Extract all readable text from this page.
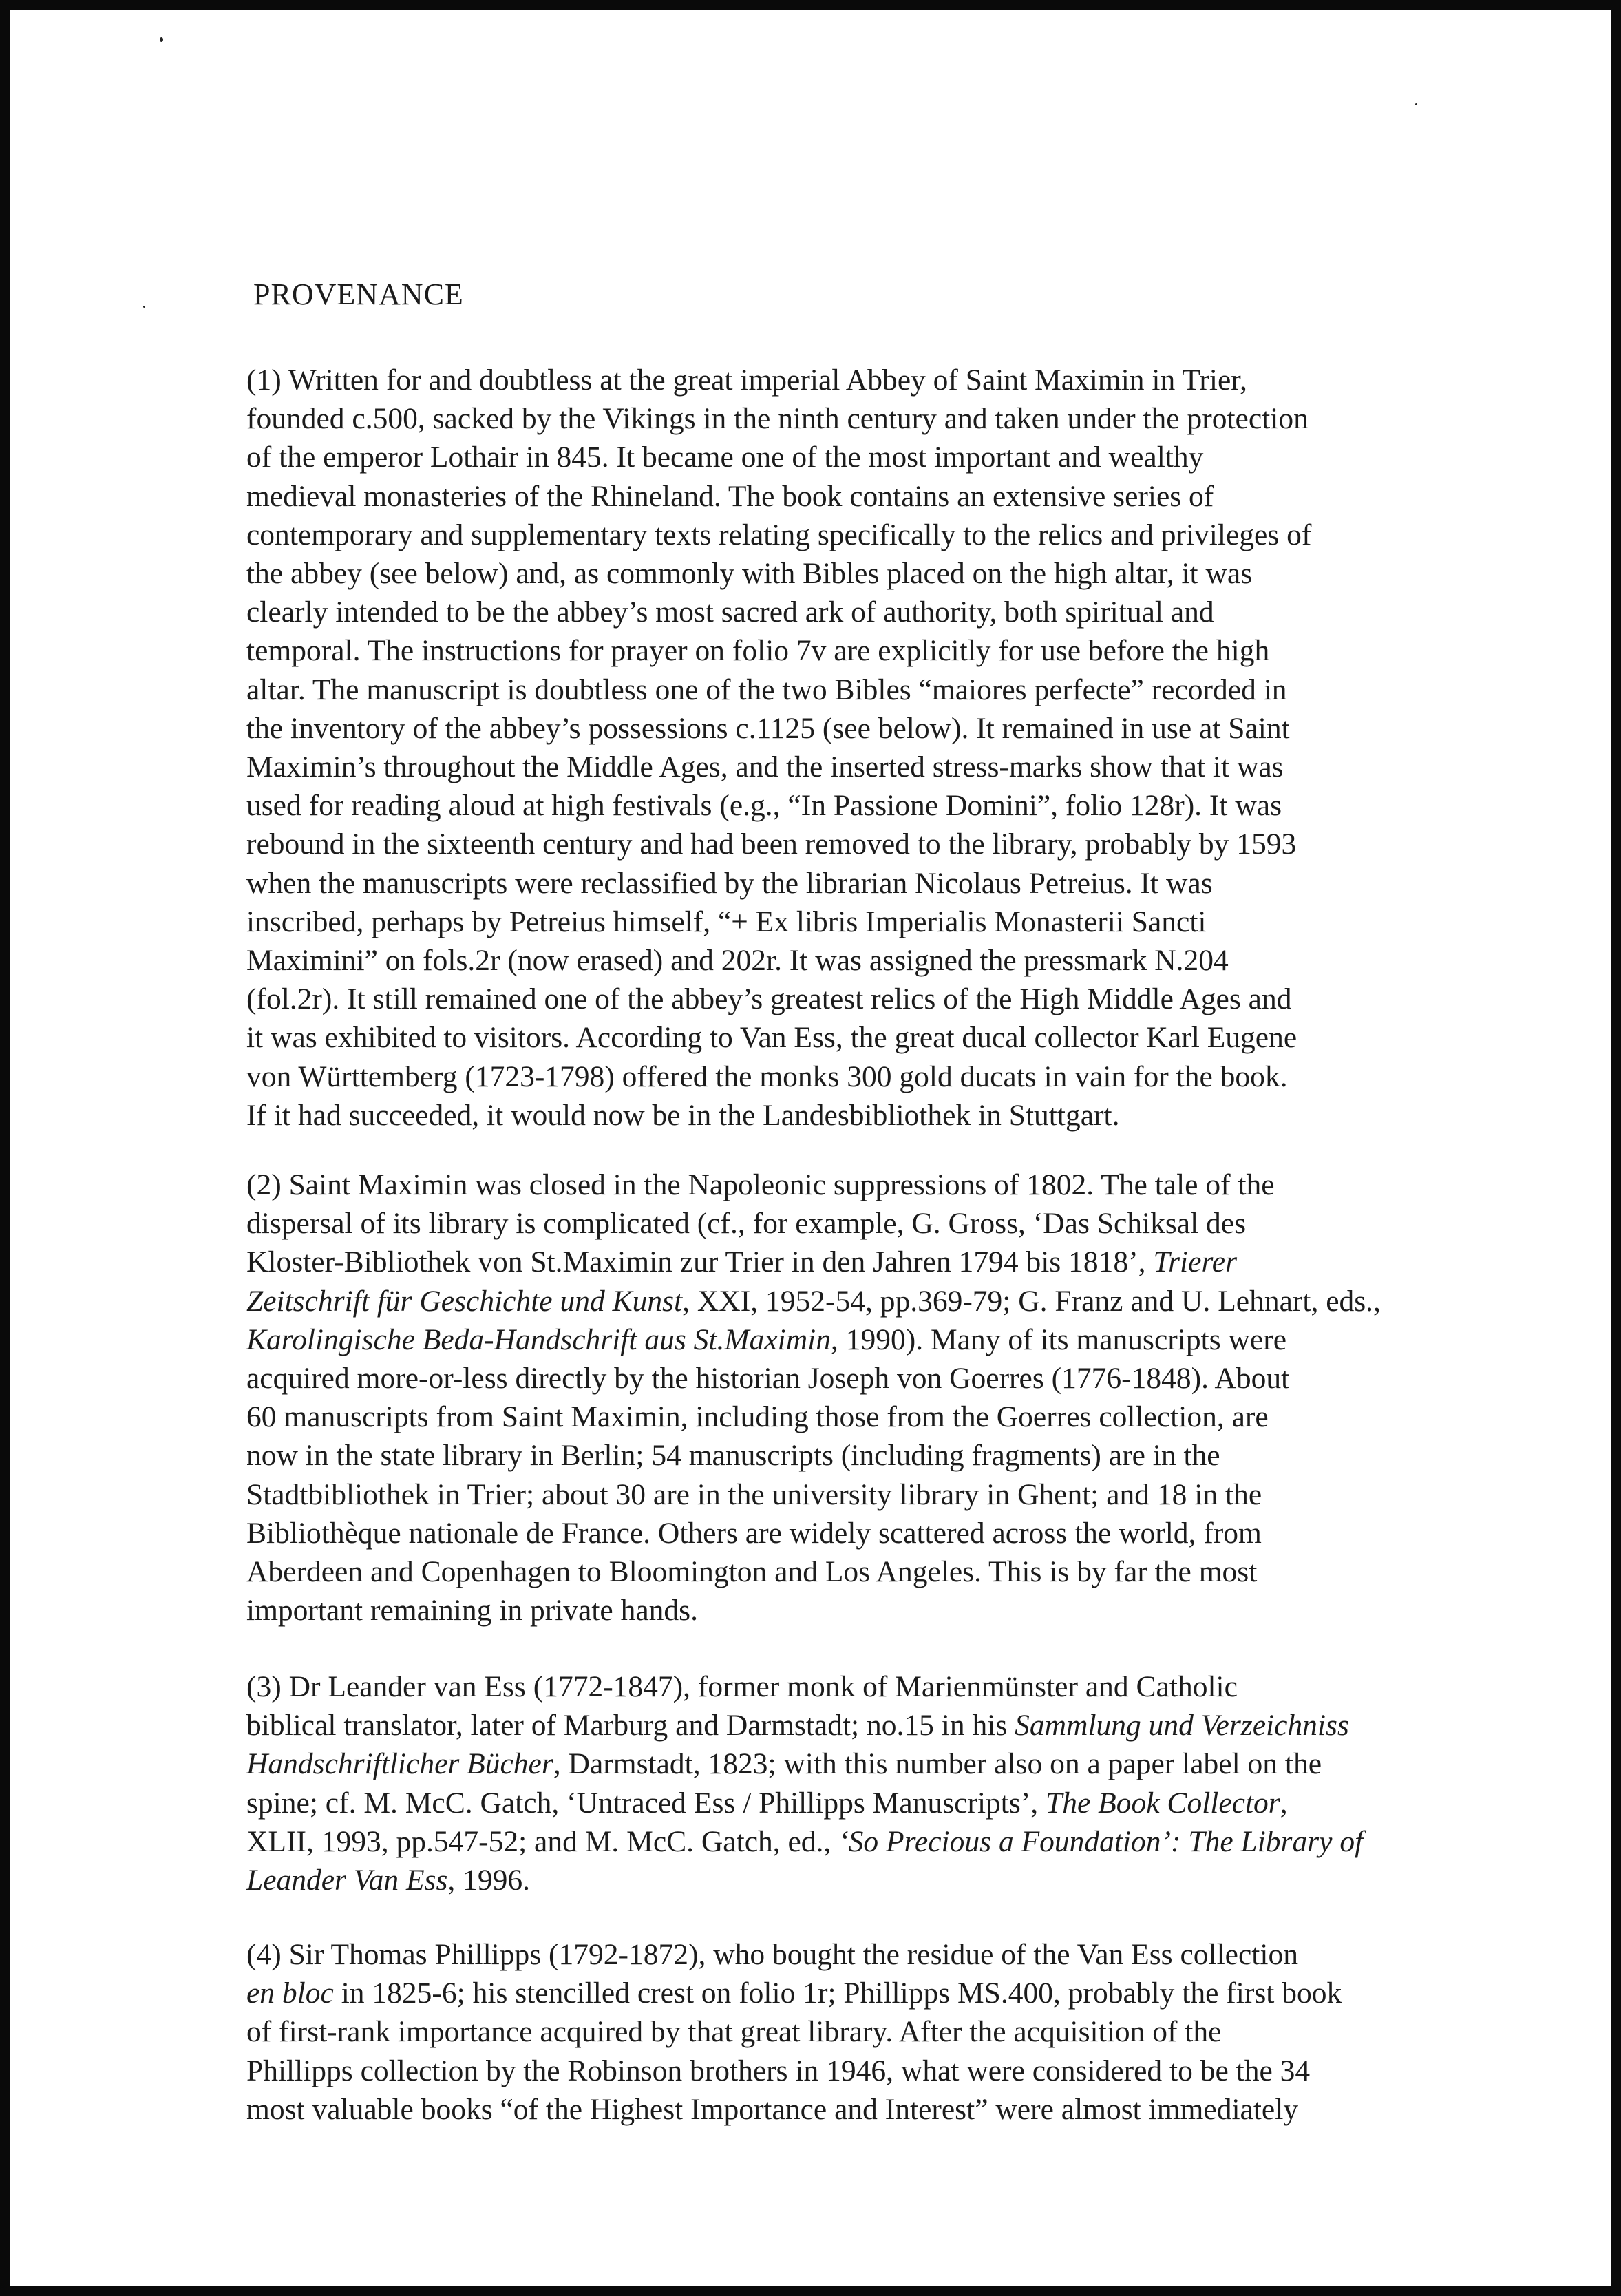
PROVENANCE
(1) Written for and doubtless at the great imperial Abbey of Saint Maximin in Trier,
founded c.500, sacked by the Vikings in the ninth century and taken under the protection
of the emperor Lothair in 845. It became one of the most important and wealthy
medieval monasteries of the Rhineland. The book contains an extensive series of
contemporary and supplementary texts relating specifically to the relics and privileges of
the abbey (see below) and, as commonly with Bibles placed on the high altar, it was
clearly intended to be the abbey’s most sacred ark of authority, both spiritual and
temporal. The instructions for prayer on folio 7v are explicitly for use before the high
altar. The manuscript is doubtless one of the two Bibles “maiores perfecte” recorded in
the inventory of the abbey’s possessions c.1125 (see below). It remained in use at Saint
Maximin’s throughout the Middle Ages, and the inserted stress-marks show that it was
used for reading aloud at high festivals (e.g., “In Passione Domini”, folio 128r). It was
rebound in the sixteenth century and had been removed to the library, probably by 1593
when the manuscripts were reclassified by the librarian Nicolaus Petreius. It was
inscribed, perhaps by Petreius himself, “+ Ex libris Imperialis Monasterii Sancti
Maximini” on fols.2r (now erased) and 202r. It was assigned the pressmark N.204
(fol.2r). It still remained one of the abbey’s greatest relics of the High Middle Ages and
it was exhibited to visitors. According to Van Ess, the great ducal collector Karl Eugene
von Württemberg (1723-1798) offered the monks 300 gold ducats in vain for the book.
If it had succeeded, it would now be in the Landesbibliothek in Stuttgart.
(2) Saint Maximin was closed in the Napoleonic suppressions of 1802. The tale of the
dispersal of its library is complicated (cf., for example, G. Gross, ‘Das Schiksal des
Kloster-Bibliothek von St.Maximin zur Trier in den Jahren 1794 bis 1818’, Trierer
Zeitschrift für Geschichte und Kunst, XXI, 1952-54, pp.369-79; G. Franz and U. Lehnart, eds.,
Karolingische Beda-Handschrift aus St.Maximin, 1990). Many of its manuscripts were
acquired more-or-less directly by the historian Joseph von Goerres (1776-1848). About
60 manuscripts from Saint Maximin, including those from the Goerres collection, are
now in the state library in Berlin; 54 manuscripts (including fragments) are in the
Stadtbibliothek in Trier; about 30 are in the university library in Ghent; and 18 in the
Bibliothèque nationale de France. Others are widely scattered across the world, from
Aberdeen and Copenhagen to Bloomington and Los Angeles. This is by far the most
important remaining in private hands.
(3) Dr Leander van Ess (1772-1847), former monk of Marienmünster and Catholic
biblical translator, later of Marburg and Darmstadt; no.15 in his Sammlung und Verzeichniss
Handschriftlicher Bücher, Darmstadt, 1823; with this number also on a paper label on the
spine; cf. M. McC. Gatch, ‘Untraced Ess / Phillipps Manuscripts’, The Book Collector,
XLII, 1993, pp.547-52; and M. McC. Gatch, ed., ‘So Precious a Foundation’: The Library of
Leander Van Ess, 1996.
(4) Sir Thomas Phillipps (1792-1872), who bought the residue of the Van Ess collection
en bloc in 1825-6; his stencilled crest on folio 1r; Phillipps MS.400, probably the first book
of first-rank importance acquired by that great library. After the acquisition of the
Phillipps collection by the Robinson brothers in 1946, what were considered to be the 34
most valuable books “of the Highest Importance and Interest” were almost immediately
